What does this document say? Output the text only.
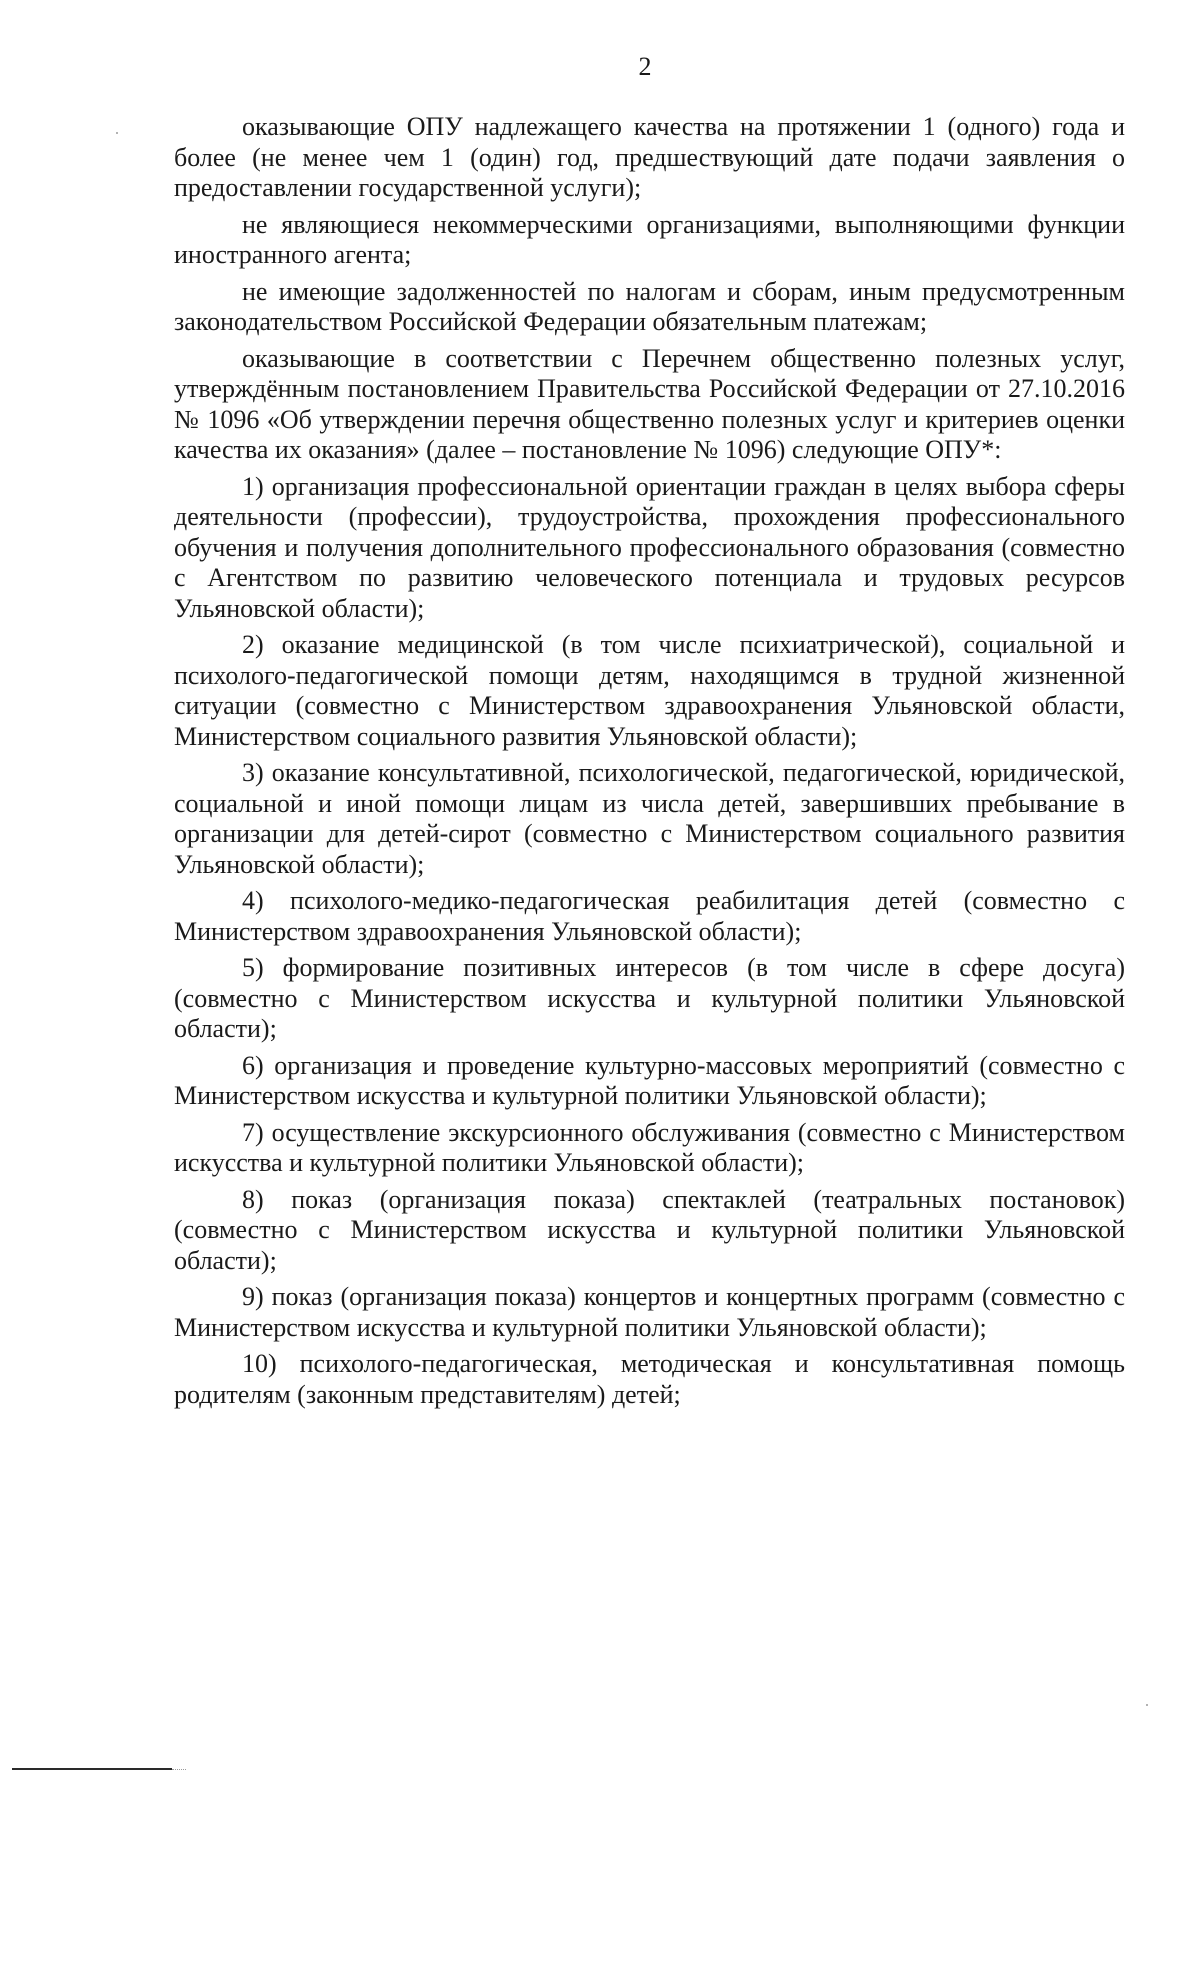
2

оказывающие ОПУ надлежащего качества на протяжении 1 (одного) года и более (не менее чем 1 (один) год, предшествующий дате подачи заявления о предоставлении государственной услуги);

не являющиеся некоммерческими организациями, выполняющими функции иностранного агента;

не имеющие задолженностей по налогам и сборам, иным предусмотренным законодательством Российской Федерации обязательным платежам;

оказывающие в соответствии с Перечнем общественно полезных услуг, утверждённым постановлением Правительства Российской Федерации от 27.10.2016 № 1096 «Об утверждении перечня общественно полезных услуг и критериев оценки качества их оказания» (далее – постановление № 1096) следующие ОПУ*:

1) организация профессиональной ориентации граждан в целях выбора сферы деятельности (профессии), трудоустройства, прохождения профессионального обучения и получения дополнительного профессионального образования (совместно с Агентством по развитию человеческого потенциала и трудовых ресурсов Ульяновской области);

2) оказание медицинской (в том числе психиатрической), социальной и психолого-педагогической помощи детям, находящимся в трудной жизненной ситуации (совместно с Министерством здравоохранения Ульяновской области, Министерством социального развития Ульяновской области);

3) оказание консультативной, психологической, педагогической, юридической, социальной и иной помощи лицам из числа детей, завершивших пребывание в организации для детей-сирот (совместно с Министерством социального развития Ульяновской области);

4) психолого-медико-педагогическая реабилитация детей (совместно с Министерством здравоохранения Ульяновской области);

5) формирование позитивных интересов (в том числе в сфере досуга) (совместно с Министерством искусства и культурной политики Ульяновской области);

6) организация и проведение культурно-массовых мероприятий (совместно с Министерством искусства и культурной политики Ульяновской области);

7) осуществление экскурсионного обслуживания (совместно с Министерством искусства и культурной политики Ульяновской области);

8) показ (организация показа) спектаклей (театральных постановок) (совместно с Министерством искусства и культурной политики Ульяновской области);

9) показ (организация показа) концертов и концертных программ (совместно с Министерством искусства и культурной политики Ульяновской области);

10) психолого-педагогическая, методическая и консультативная помощь родителям (законным представителям) детей;
